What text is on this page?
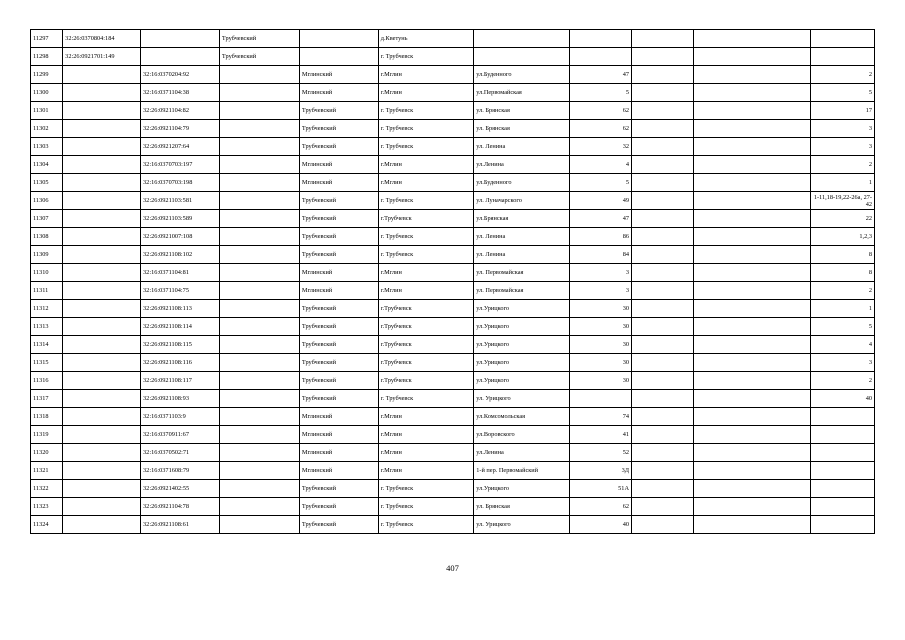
11297	32:26:0370804:184		Трубчевский		д.Кветунь					
11298	32:26:0921701:149		Трубчевский		г. Трубчевск					
11299		32:16:0370204:92		Мглинский	г.Мглин	ул.Буденного	47			2
11300		32:16:0371104:38		Мглинский	г.Мглин	ул.Первомайская	5			5
11301		32:26:0921104:82		Трубчевский	г. Трубчевск	ул. Брянская	62			17
11302		32:26:0921104:79		Трубчевский	г. Трубчевск	ул. Брянская	62			3
11303		32:26:0921207:64		Трубчевский	г. Трубчевск	ул. Ленина	32			3
11304		32:16:0370703:197		Мглинский	г.Мглин	ул.Ленина	4			2
11305		32:16:0370703:198		Мглинский	г.Мглин	ул.Буденного	5			1
11306		32:26:0921103:581		Трубчевский	г. Трубчевск	ул. Луначарского	49			1-11,18-19,22-26а, 27-42
11307		32:26:0921103:589		Трубчевский	г.Трубчевск	ул.Брянская	47			22
11308		32:26:0921007:108		Трубчевский	г. Трубчевск	ул. Ленина	86			1,2,3
11309		32:26:0921108:102		Трубчевский	г. Трубчевск	ул. Ленина	84			8
11310		32:16:0371104:81		Мглинский	г.Мглин	ул. Первомайская	3			8
11311		32:16:0371104:75		Мглинский	г.Мглин	ул. Первомайская	3			2
11312		32:26:0921108:113		Трубчевский	г.Трубчевск	ул.Урицкого	30			1
11313		32:26:0921108:114		Трубчевский	г.Трубчевск	ул.Урицкого	30			5
11314		32:26:0921108:115		Трубчевский	г.Трубчевск	ул.Урицкого	30			4
11315		32:26:0921108:116		Трубчевский	г.Трубчевск	ул.Урицкого	30			3
11316		32:26:0921108:117		Трубчевский	г.Трубчевск	ул.Урицкого	30			2
11317		32:26:0921108:93		Трубчевский	г. Трубчевск	ул. Урицкого				40
11318		32:16:0371103:9		Мглинский	г.Мглин	ул.Комсомольская	74			
11319		32:16:0370911:67		Мглинский	г.Мглин	ул.Воровского	41			
11320		32:16:0370502:71		Мглинский	г.Мглин	ул.Ленина	52			
11321		32:16:0371608:79		Мглинский	г.Мглин	1-й пер. Первомайский	3Д			
11322		32:26:0921402:55		Трубчевский	г. Трубчевск	ул.Урицкого	51А			
11323		32:26:0921104:78		Трубчевский	г. Трубчевск	ул. Брянская	62			
11324		32:26:0921108:61		Трубчевский	г. Трубчевск	ул. Урицкого	40			
407
